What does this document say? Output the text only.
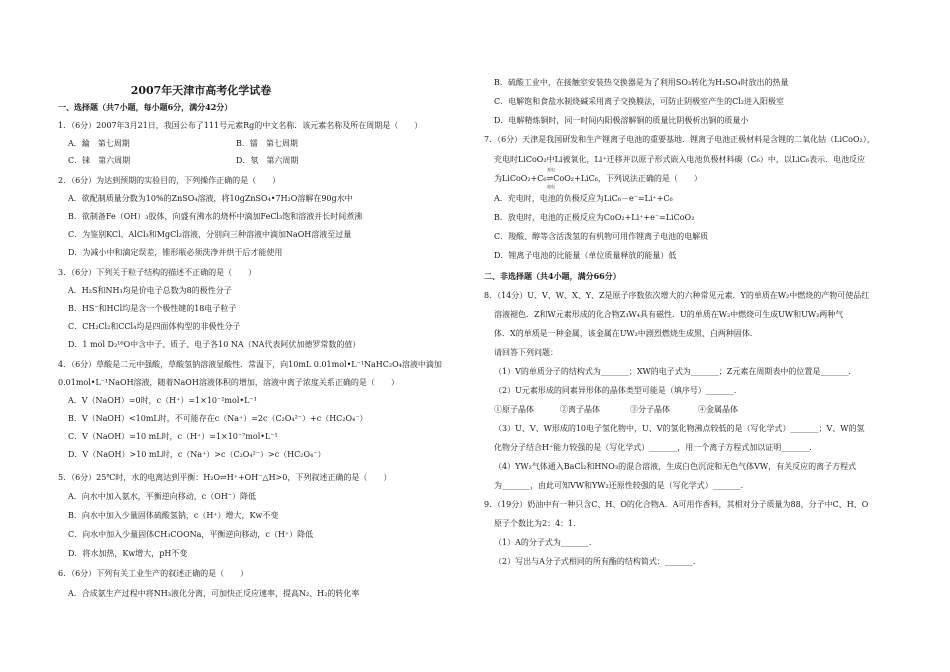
2007年天津市高考化学试卷
一、选择题（共7小题，每小题6分，满分42分）
1．（6分）2007年3月21日，我国公布了111号元素Rg的中文名称．该元素名称及所在周期是（　　）
A．錀　第七周期	B．镭　第七周期
C．铼　第六周期	D．氡　第六周期
2．（6分）为达到预期的实验目的，下列操作正确的是（　　）
A．欲配制质量分数为10%的ZnSO₄溶液，将10gZnSO₄•7H₂O溶解在90g水中
B．欲制备Fe（OH）₃胶体，向盛有沸水的烧杯中滴加FeCl₃饱和溶液并长时间煮沸
C．为鉴别KCl、AlCl₃和MgCl₂溶液，分别向三种溶液中滴加NaOH溶液至过量
D．为减小中和滴定误差，锥形瓶必须洗净并烘干后才能使用
3．（6分）下列关于粒子结构的描述不正确的是（　　）
A．H₂S和NH₃均是价电子总数为8的极性分子
B．HS⁻和HCl均是含一个极性键的18电子粒子
C．CH₂Cl₂和CCl₄均是四面体构型的非极性分子
D．1 mol D₂¹⁶O中含中子、质子、电子各10 NA（NA代表阿伏加德罗常数的值）
4．（6分）草酸是二元中强酸，草酸氢钠溶液显酸性．常温下，向10mL 0.01mol•L⁻¹NaHC₂O₄溶液中滴加
0.01mol•L⁻¹NaOH溶液，随着NaOH溶液体积的增加，溶液中离子浓度关系正确的是（　　）
A．V（NaOH）=0时，c（H⁺）=1×10⁻²mol•L⁻¹
B．V（NaOH）<10mL时，不可能存在c（Na⁺）=2c（C₂O₄²⁻）+c（HC₂O₄⁻）
C．V（NaOH）=10 mL时，c（H⁺）=1×10⁻⁷mol•L⁻¹
D．V（NaOH）>10 mL时，c（Na⁺）>c（C₂O₄²⁻）>c（HC₂O₄⁻）
5．（6分）25℃时，水的电离达到平衡：H₂O⇌H⁺+OH⁻△H>0，下列叙述正确的是（　　）
A．向水中加入氨水，平衡逆向移动，c（OH⁻）降低
B．向水中加入少量固体硫酸氢钠，c（H⁺）增大，Kw不变
C．向水中加入少量固体CH₃COONa，平衡逆向移动，c（H⁺）降低
D．将水加热，Kw增大，pH不变
6．（6分）下列有关工业生产的叙述正确的是（　　）
A．合成氨生产过程中将NH₃液化分离，可加快正反应速率，提高N₂、H₂的转化率
B．硫酸工业中，在接触室安装热交换器是为了利用SO₃转化为H₂SO₄时放出的热量
C．电解饱和食盐水制烧碱采用离子交换膜法，可防止阴极室产生的Cl₂进入阳极室
D．电解精炼铜时，同一时间内阳极溶解铜的质量比阴极析出铜的质量小
7．（6分）天津是我国研发和生产锂离子电池的重要基地．锂离子电池正极材料是含锂的二氧化钴（LiCoO₂），
充电时LiCoO₂中Li被氧化，Li⁺迁移并以原子形式嵌入电池负极材料碳（C₆）中，以LiC₆表示．电池反应
为LiCoO₂+C₆⇌CoO₂+LiC₆，下列说法正确的是（　　）
充电
放电
A．充电时，电池的负极反应为LiC₆－e⁻=Li⁺+C₆
B．放电时，电池的正极反应为CoO₂+Li⁺+e⁻=LiCoO₂
C．羧酸、醇等含活泼氢的有机物可用作锂离子电池的电解质
D．锂离子电池的比能量（单位质量释放的能量）低
二、非选择题（共4小题，满分66分）
8．（14分）U、V、W、X、Y、Z是原子序数依次增大的六种常见元素．Y的单质在W₂中燃烧的产物可使品红
溶液褪色．Z和W元素形成的化合物Z₃W₄具有磁性．U的单质在W₂中燃烧可生成UW和UW₂两种气
体．X的单质是一种金属，该金属在UW₂中剧烈燃烧生成黑、白两种固体．
请回答下列问题：
（1）V的单质分子的结构式为_______；XW的电子式为_______；Z元素在周期表中的位置是_______．
（2）U元素形成的同素异形体的晶体类型可能是（填序号）_______．
①原子晶体	②离子晶体	③分子晶体	④金属晶体
（3）U、V、W形成的10电子氢化物中，U、V的氢化物沸点较低的是（写化学式）_______；V、W的氢
化物分子结合H⁺能力较强的是（写化学式）_______，用一个离子方程式加以证明_______．
（4）YW₂气体通入BaCl₂和HNO₃的混合溶液，生成白色沉淀和无色气体VW，有关反应的离子方程式
为_______，由此可知VW和YW₂还原性较强的是（写化学式）_______．
9．（19分）奶油中有一种只含C、H、O的化合物A．A可用作香料，其相对分子质量为88，分子中C、H、O
原子个数比为2：4：1．
（1）A的分子式为_______．
（2）写出与A分子式相同的所有酯的结构简式：_______．
